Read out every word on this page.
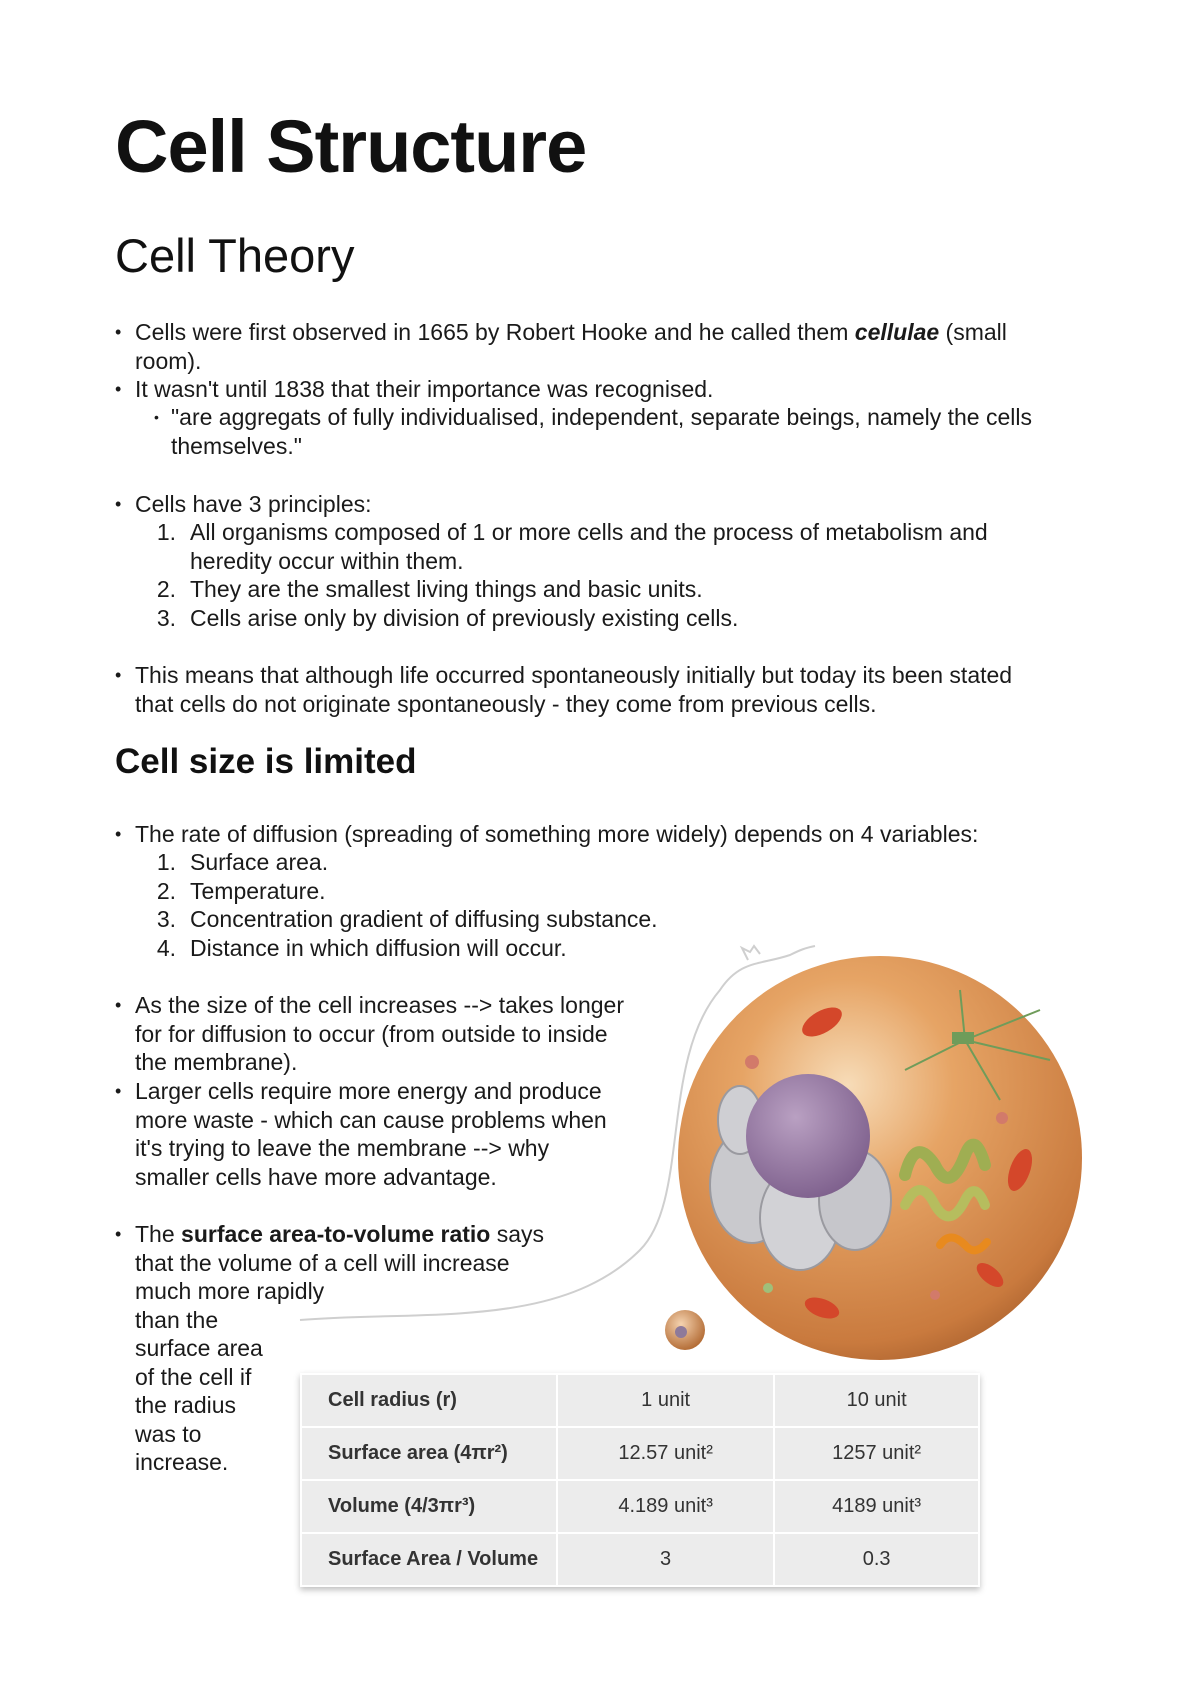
Cell Structure
Cell Theory
• Cells were first observed in 1665 by Robert Hooke and he called them cellulae (small
room).
• It wasn't until 1838 that their importance was recognised.
• "are aggregats of fully individualised, independent, separate beings, namely the cells
themselves."
• Cells have 3 principles:
1. All organisms composed of 1 or more cells and the process of metabolism and
heredity occur within them.
2. They are the smallest living things and basic units.
3. Cells arise only by division of previously existing cells.
• This means that although life occurred spontaneously initially but today its been stated
that cells do not originate spontaneously - they come from previous cells.
Cell size is limited
• The rate of diffusion (spreading of something more widely) depends on 4 variables:
1. Surface area.
2. Temperature.
3. Concentration gradient of diffusing substance.
4. Distance in which diffusion will occur.
• As the size of the cell increases --> takes longer
for for diffusion to occur (from outside to inside
the membrane).
• Larger cells require more energy and produce
more waste - which can cause problems when
it's trying to leave the membrane --> why
smaller cells have more advantage.
• The surface area-to-volume ratio says
that the volume of a cell will increase
much more rapidly
than the
surface area
of the cell if
the radius
was to
increase.
Cell radius (r)	1 unit	10 unit
Surface area (4πr²)	12.57 unit²	1257 unit²
Volume (4/3πr³)	4.189 unit³	4189 unit³
Surface Area / Volume	3	0.3
